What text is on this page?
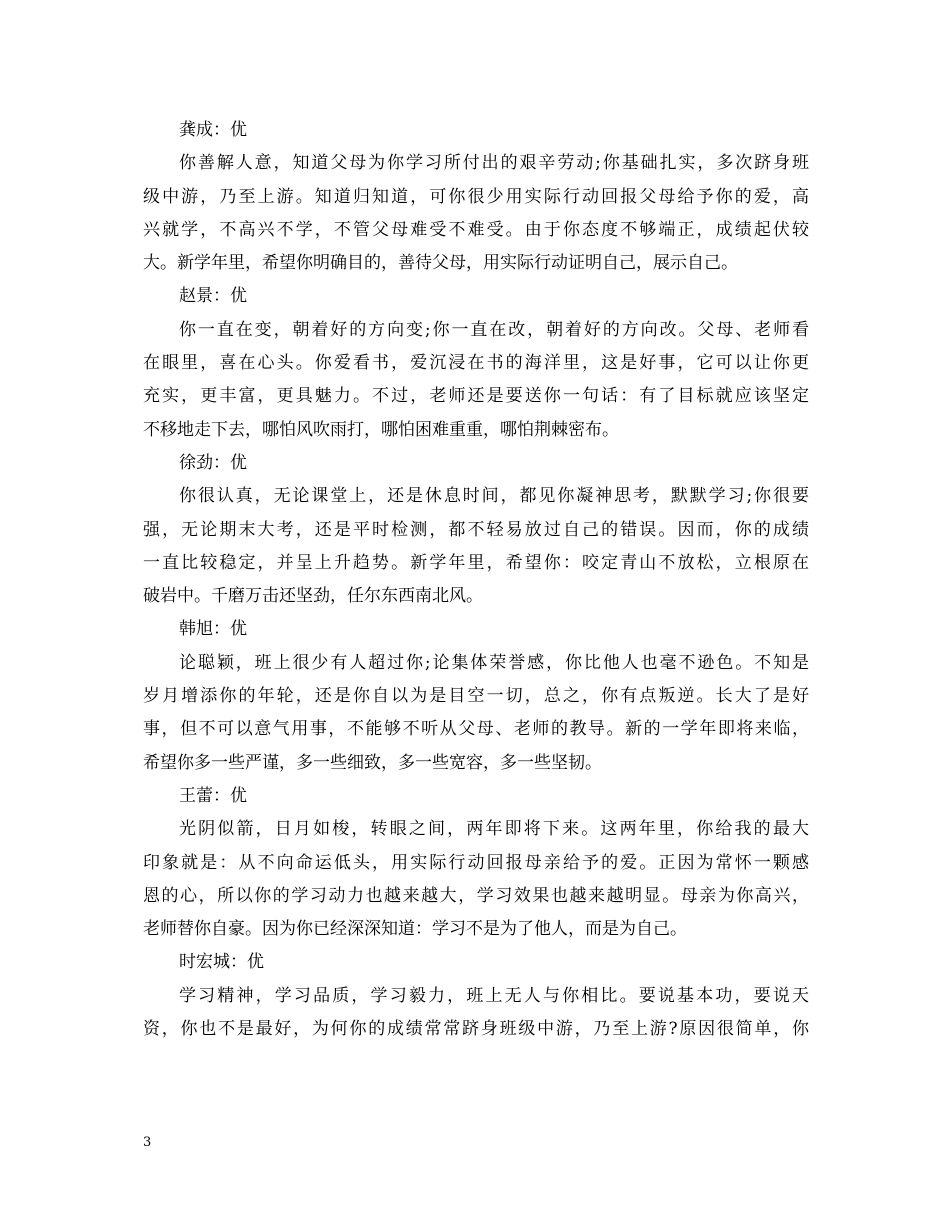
龚成：优
你善解人意，知道父母为你学习所付出的艰辛劳动;你基础扎实，多次跻身班
级中游，乃至上游。知道归知道，可你很少用实际行动回报父母给予你的爱，高
兴就学，不高兴不学，不管父母难受不难受。由于你态度不够端正，成绩起伏较
大。新学年里，希望你明确目的，善待父母，用实际行动证明自己，展示自己。
赵景：优
你一直在变，朝着好的方向变;你一直在改，朝着好的方向改。父母、老师看
在眼里，喜在心头。你爱看书，爱沉浸在书的海洋里，这是好事，它可以让你更
充实，更丰富，更具魅力。不过，老师还是要送你一句话：有了目标就应该坚定
不移地走下去，哪怕风吹雨打，哪怕困难重重，哪怕荆棘密布。
徐劲：优
你很认真，无论课堂上，还是休息时间，都见你凝神思考，默默学习;你很要
强，无论期末大考，还是平时检测，都不轻易放过自己的错误。因而，你的成绩
一直比较稳定，并呈上升趋势。新学年里，希望你：咬定青山不放松，立根原在
破岩中。千磨万击还坚劲，任尔东西南北风。
韩旭：优
论聪颖，班上很少有人超过你;论集体荣誉感，你比他人也毫不逊色。不知是
岁月增添你的年轮，还是你自以为是目空一切，总之，你有点叛逆。长大了是好
事，但不可以意气用事，不能够不听从父母、老师的教导。新的一学年即将来临，
希望你多一些严谨，多一些细致，多一些宽容，多一些坚韧。
王蕾：优
光阴似箭，日月如梭，转眼之间，两年即将下来。这两年里，你给我的最大
印象就是：从不向命运低头，用实际行动回报母亲给予的爱。正因为常怀一颗感
恩的心，所以你的学习动力也越来越大，学习效果也越来越明显。母亲为你高兴，
老师替你自豪。因为你已经深深知道：学习不是为了他人，而是为自己。
时宏城：优
学习精神，学习品质，学习毅力，班上无人与你相比。要说基本功，要说天
资，你也不是最好，为何你的成绩常常跻身班级中游，乃至上游?原因很简单，你
3
